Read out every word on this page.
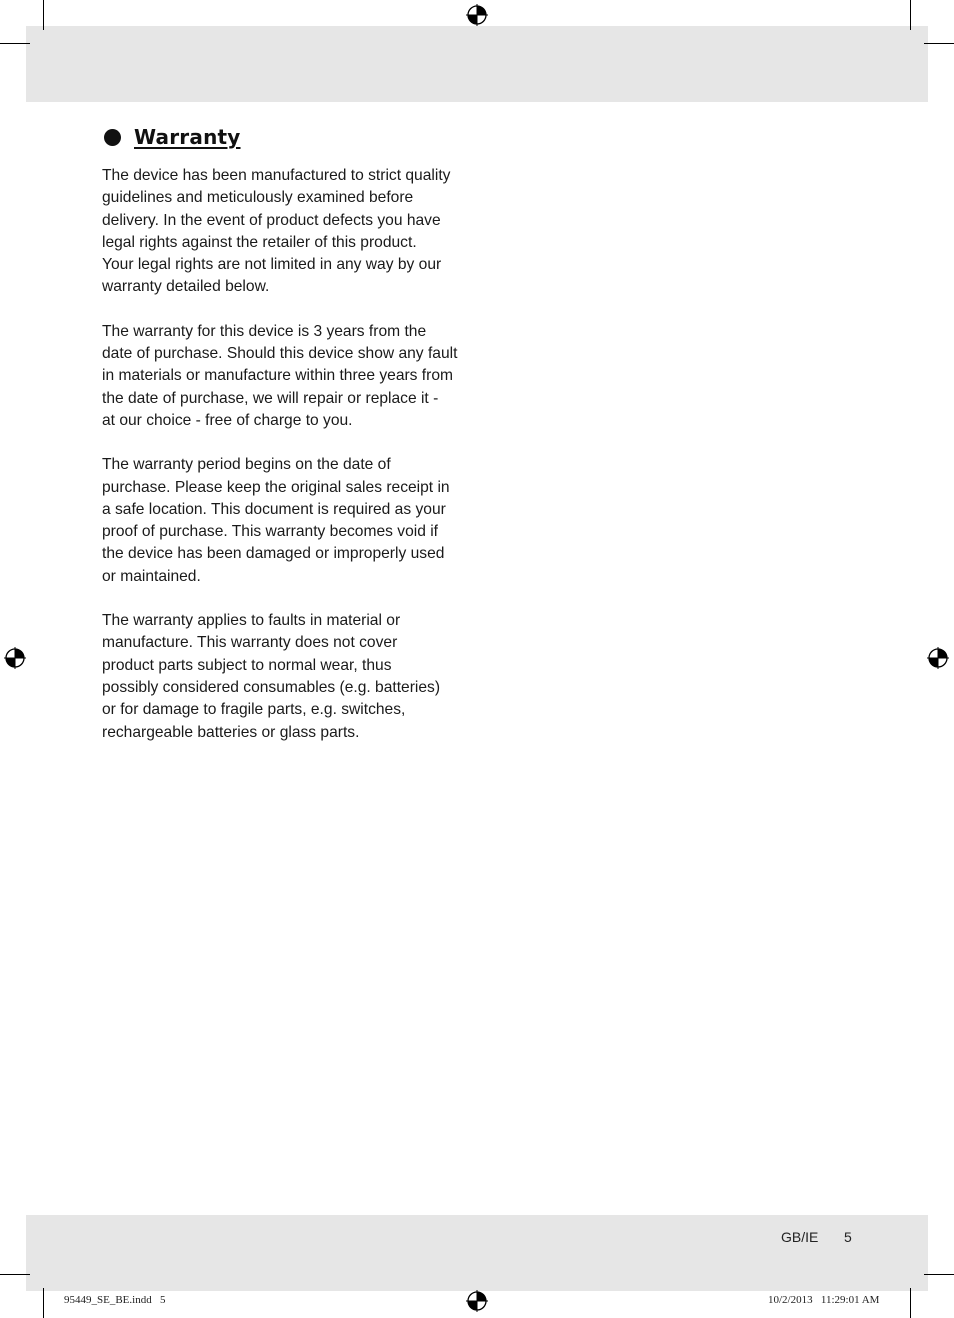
Warranty

The device has been manufactured to strict quality
guidelines and meticulously examined before
delivery. In the event of product defects you have
legal rights against the retailer of this product.
Your legal rights are not limited in any way by our
warranty detailed below.

The warranty for this device is 3 years from the
date of purchase. Should this device show any fault
in materials or manufacture within three years from
the date of purchase, we will repair or replace it -
at our choice - free of charge to you.

The warranty period begins on the date of
purchase. Please keep the original sales receipt in
a safe location. This document is required as your
proof of purchase. This warranty becomes void if
the device has been damaged or improperly used
or maintained.

The warranty applies to faults in material or
manufacture. This warranty does not cover
product parts subject to normal wear, thus
possibly considered consumables (e.g. batteries)
or for damage to fragile parts, e.g. switches,
rechargeable batteries or glass parts.

GB/IE 5
95449_SE_BE.indd   5	10/2/2013   11:29:01 AM
